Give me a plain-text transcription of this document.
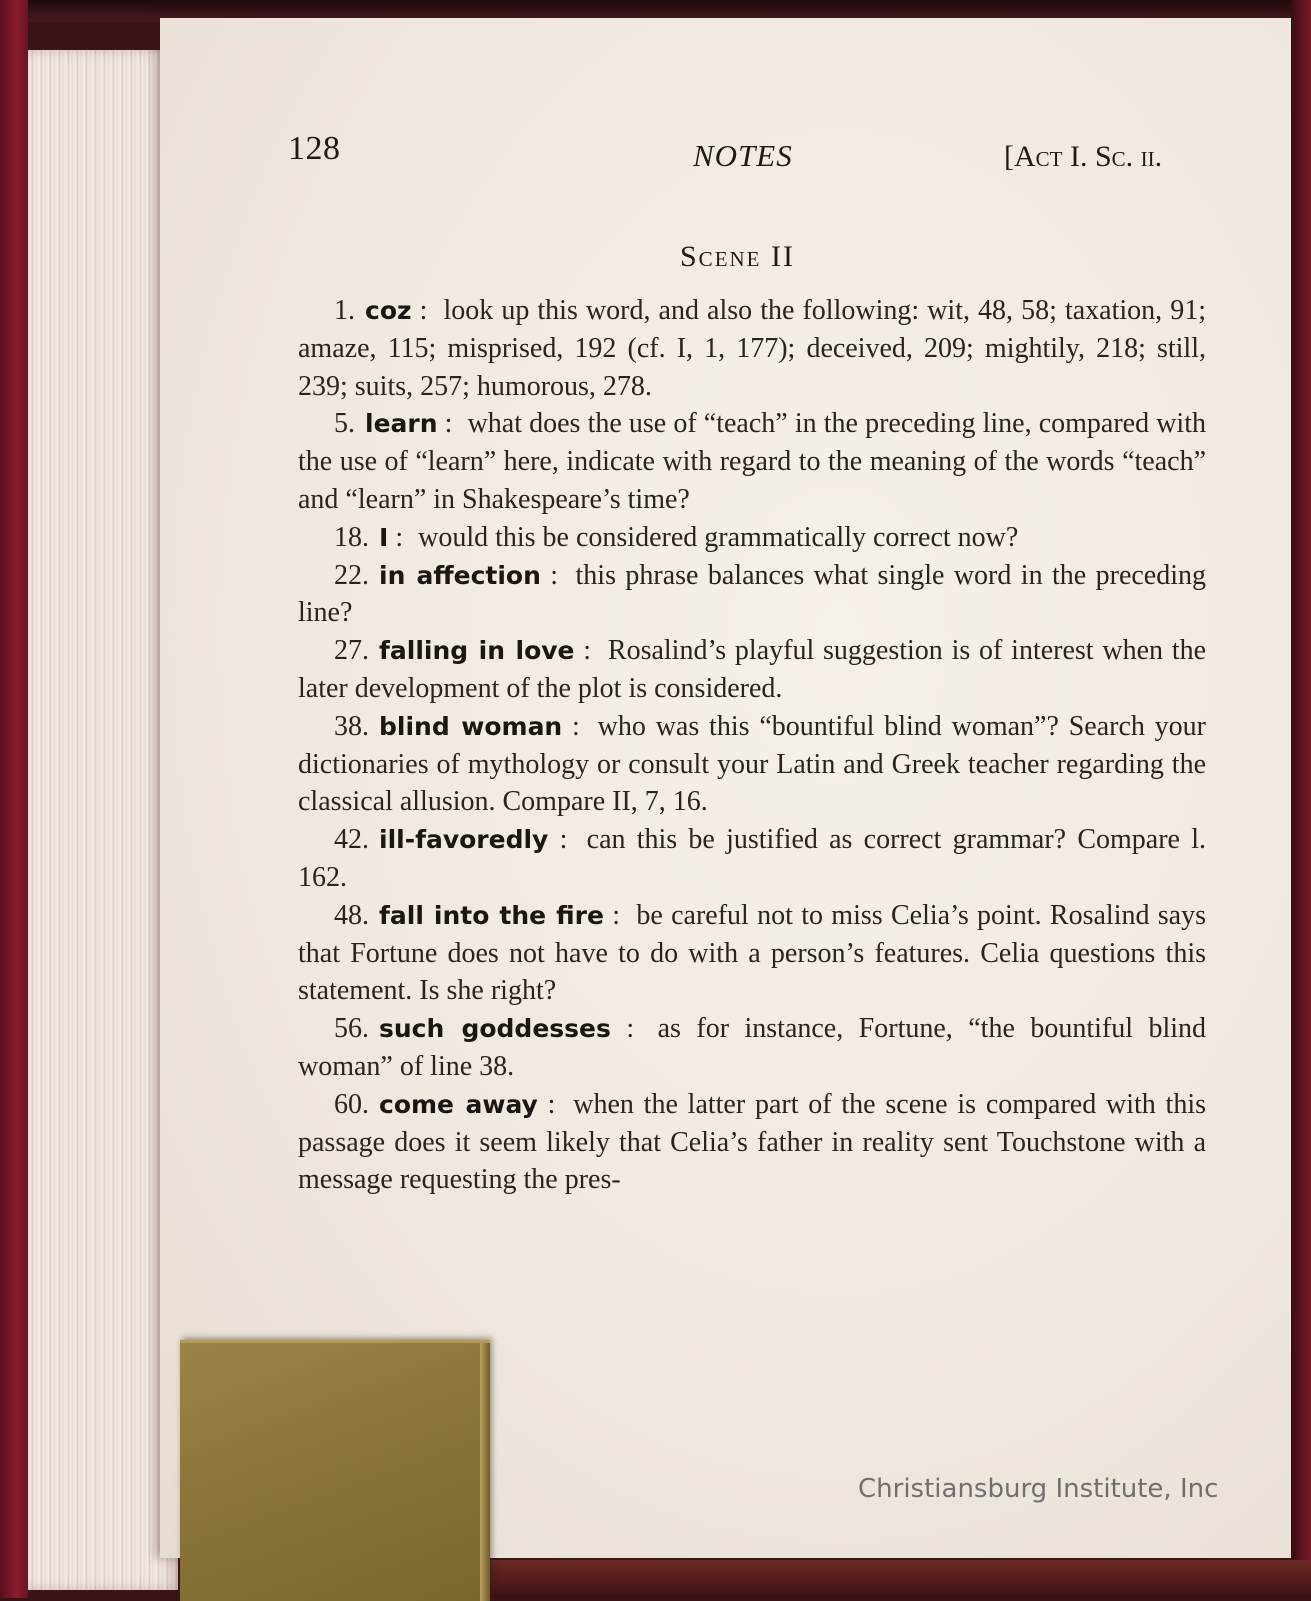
128	NOTES	[Act I. Sc. ii.
Scene II

1. coz : look up this word, and also the following: wit, 48, 58; taxation, 91; amaze, 115; misprised, 192 (cf. I, 1, 177); deceived, 209; mightily, 218; still, 239; suits, 257; humorous, 278.

5. learn : what does the use of “teach” in the preceding line, compared with the use of “learn” here, indicate with regard to the meaning of the words “teach” and “learn” in Shakespeare’s time?

18. I : would this be considered grammatically correct now?

22. in affection : this phrase balances what single word in the preceding line?

27. falling in love : Rosalind’s playful suggestion is of interest when the later development of the plot is considered.

38. blind woman : who was this “bountiful blind woman”? Search your dictionaries of mythology or consult your Latin and Greek teacher regarding the classical allusion. Compare II, 7, 16.

42. ill-favoredly : can this be justified as correct grammar? Compare l. 162.

48. fall into the fire : be careful not to miss Celia’s point. Rosalind says that Fortune does not have to do with a person’s features. Celia questions this statement. Is she right?

56. such goddesses : as for instance, Fortune, “the bountiful blind woman” of line 38.

60. come away : when the latter part of the scene is compared with this passage does it seem likely that Celia’s father in reality sent Touchstone with a message requesting the pres-

Christiansburg Institute, Inc
